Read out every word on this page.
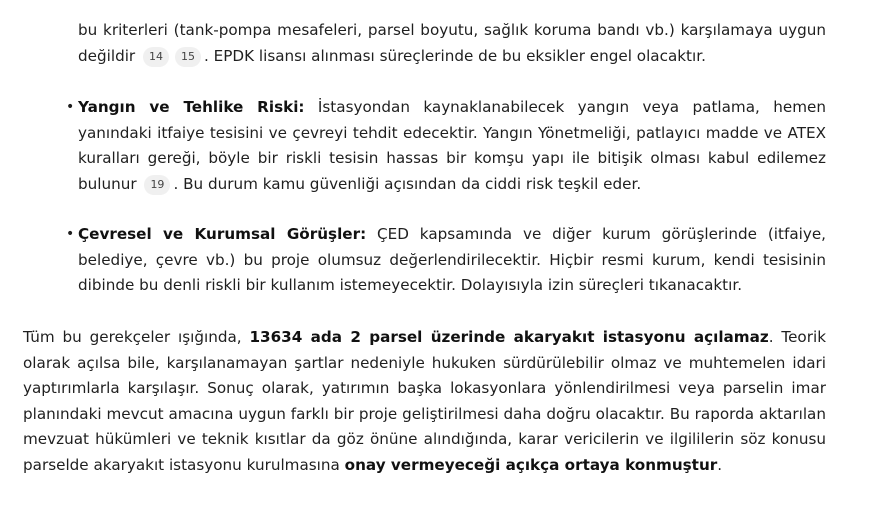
bu kriterleri (tank-pompa mesafeleri, parsel boyutu, sağlık koruma bandı vb.) karşılamaya uygun değildir 14 15 . EPDK lisansı alınması süreçlerinde de bu eksikler engel olacaktır.
• Yangın ve Tehlike Riski: İstasyondan kaynaklanabilecek yangın veya patlama, hemen yanındaki itfaiye tesisini ve çevreyi tehdit edecektir. Yangın Yönetmeliği, patlayıcı madde ve ATEX kuralları gereği, böyle bir riskli tesisin hassas bir komşu yapı ile bitişik olması kabul edilemez bulunur 19 . Bu durum kamu güvenliği açısından da ciddi risk teşkil eder.
• Çevresel ve Kurumsal Görüşler: ÇED kapsamında ve diğer kurum görüşlerinde (itfaiye, belediye, çevre vb.) bu proje olumsuz değerlendirilecektir. Hiçbir resmi kurum, kendi tesisinin dibinde bu denli riskli bir kullanım istemeyecektir. Dolayısıyla izin süreçleri tıkanacaktır.
Tüm bu gerekçeler ışığında, 13634 ada 2 parsel üzerinde akaryakıt istasyonu açılamaz. Teorik olarak açılsa bile, karşılanamayan şartlar nedeniyle hukuken sürdürülebilir olmaz ve muhtemelen idari yaptırımlarla karşılaşır. Sonuç olarak, yatırımın başka lokasyonlara yönlendirilmesi veya parselin imar planındaki mevcut amacına uygun farklı bir proje geliştirilmesi daha doğru olacaktır. Bu raporda aktarılan mevzuat hükümleri ve teknik kısıtlar da göz önüne alındığında, karar vericilerin ve ilgililerin söz konusu parselde akaryakıt istasyonu kurulmasına onay vermeyeceği açıkça ortaya konmuştur.
